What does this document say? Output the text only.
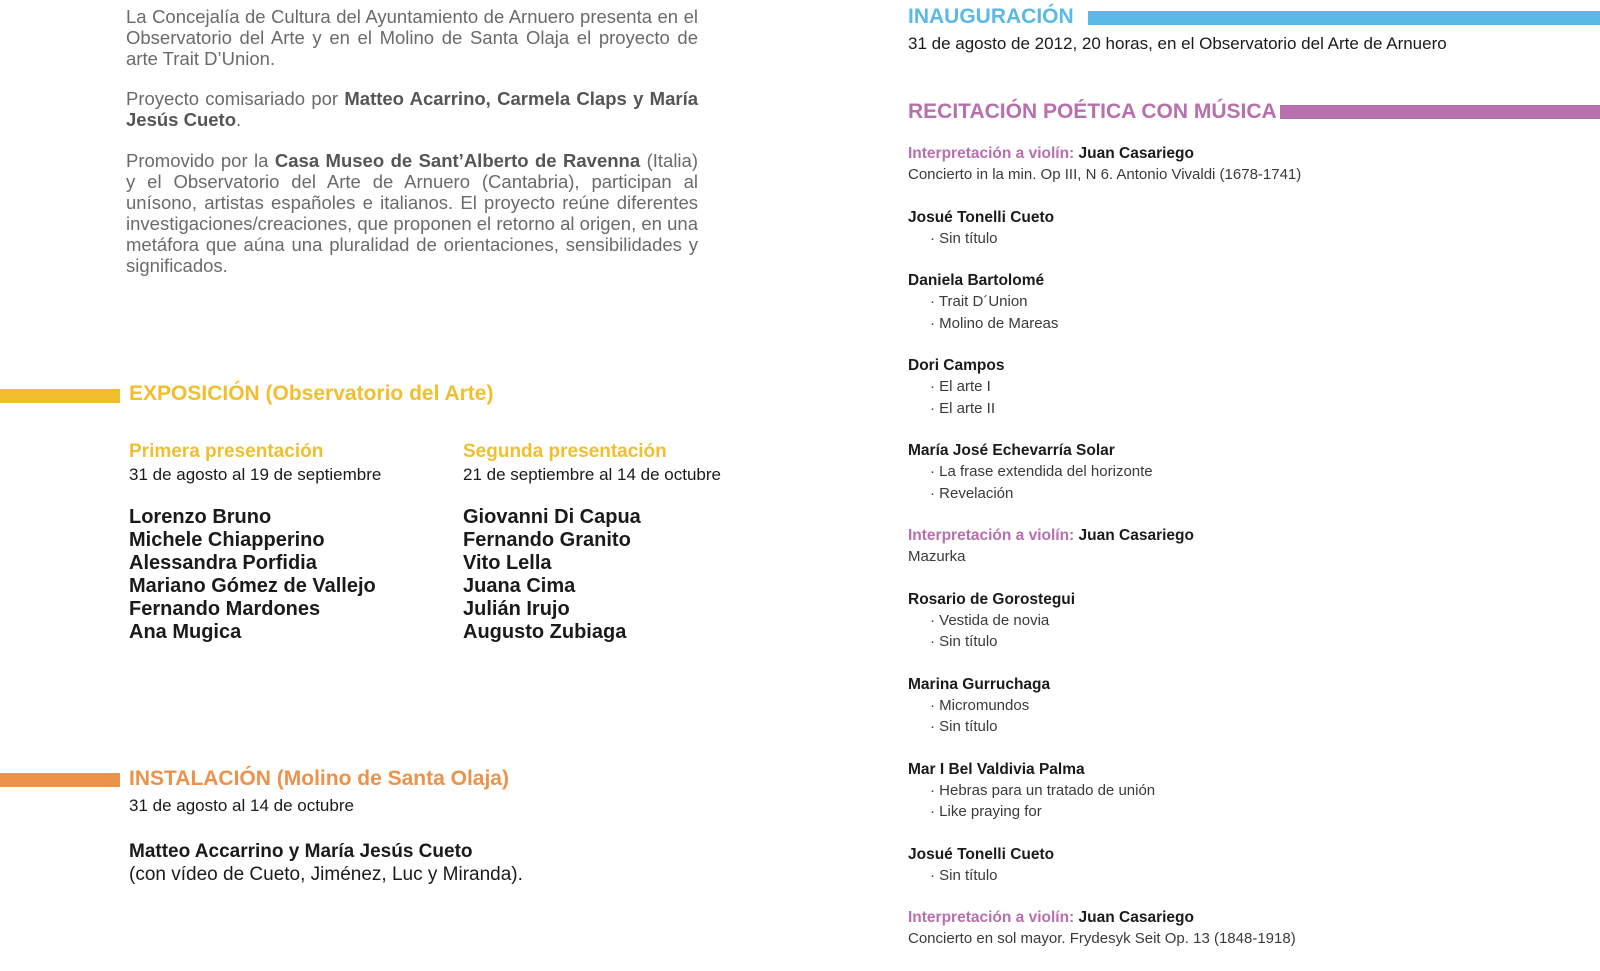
La Concejalía de Cultura del Ayuntamiento de Arnuero presenta en el Observatorio del Arte y en el Molino de Santa Olaja el proyecto de arte Trait D’Union.

Proyecto comisariado por Matteo Acarrino, Carmela Claps y María Jesús Cueto.

Promovido por la Casa Museo de Sant’Alberto de Ravenna (Italia) y el Observatorio del Arte de Arnuero (Cantabria), participan al unísono, artistas españoles e italianos. El proyecto reúne diferentes investigaciones/creaciones, que proponen el retorno al origen, en una metáfora que aúna una pluralidad de orientaciones, sensibilidades y significados.

EXPOSICIÓN (Observatorio del Arte)
Primera presentación
31 de agosto al 19 de septiembre
Lorenzo Bruno
Michele Chiapperino
Alessandra Porfidia
Mariano Gómez de Vallejo
Fernando Mardones
Ana Mugica
Segunda presentación
21 de septiembre al 14 de octubre
Giovanni Di Capua
Fernando Granito
Vito Lella
Juana Cima
Julián Irujo
Augusto Zubiaga
INSTALACIÓN (Molino de Santa Olaja)
31 de agosto al 14 de octubre
Matteo Accarrino y María Jesús Cueto
(con vídeo de Cueto, Jiménez, Luc y Miranda).
INAUGURACIÓN
31 de agosto de 2012, 20 horas, en el Observatorio del Arte de Arnuero
RECITACIÓN POÉTICA CON MÚSICA
Interpretación a violín: Juan Casariego
Concierto in la min. Op III, N 6. Antonio Vivaldi (1678-1741)
Josué Tonelli Cueto
· Sin título
Daniela Bartolomé
· Trait D´Union
· Molino de Mareas
Dori Campos
· El arte I
· El arte II
María José Echevarría Solar
· La frase extendida del horizonte
· Revelación
Interpretación a violín: Juan Casariego
Mazurka
Rosario de Gorostegui
· Vestida de novia
· Sin título
Marina Gurruchaga
· Micromundos
· Sin título
Mar I Bel Valdivia Palma
· Hebras para un tratado de unión
· Like praying for
Josué Tonelli Cueto
· Sin título
Interpretación a violín: Juan Casariego
Concierto en sol mayor. Frydesyk Seit Op. 13 (1848-1918)
